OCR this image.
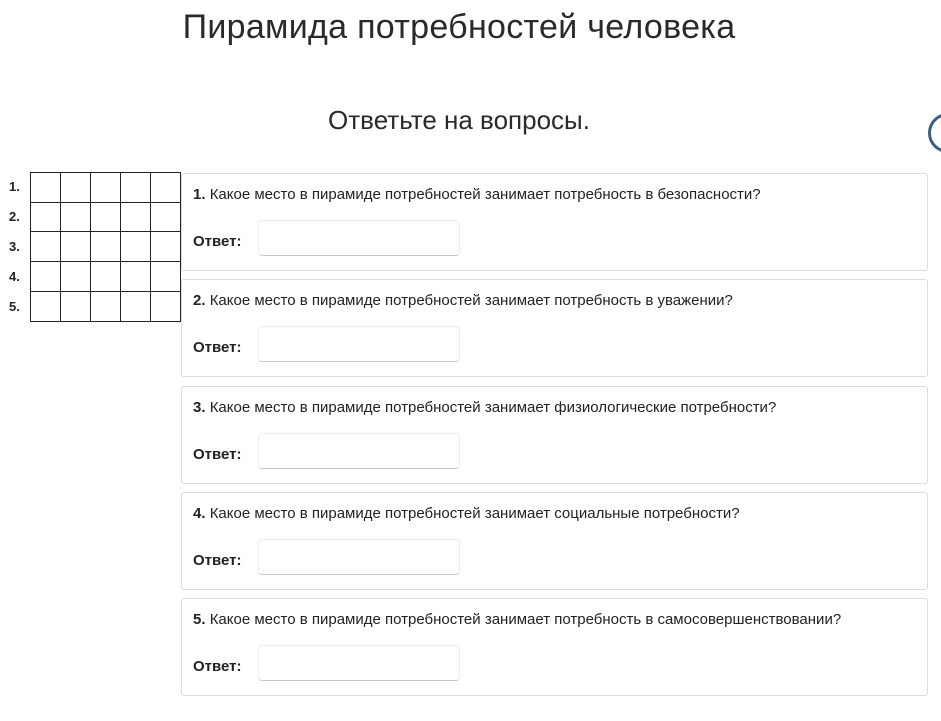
Пирамида потребностей человека
Ответьте на вопросы.
1.
2.
3.
4.
5.
1. Какое место в пирамиде потребностей занимает потребность в безопасности?
Ответ:
2. Какое место в пирамиде потребностей занимает потребность в уважении?
Ответ:
3. Какое место в пирамиде потребностей занимает физиологические потребности?
Ответ:
4. Какое место в пирамиде потребностей занимает социальные потребности?
Ответ:
5. Какое место в пирамиде потребностей занимает потребность в самосовершенствовании?
Ответ:
